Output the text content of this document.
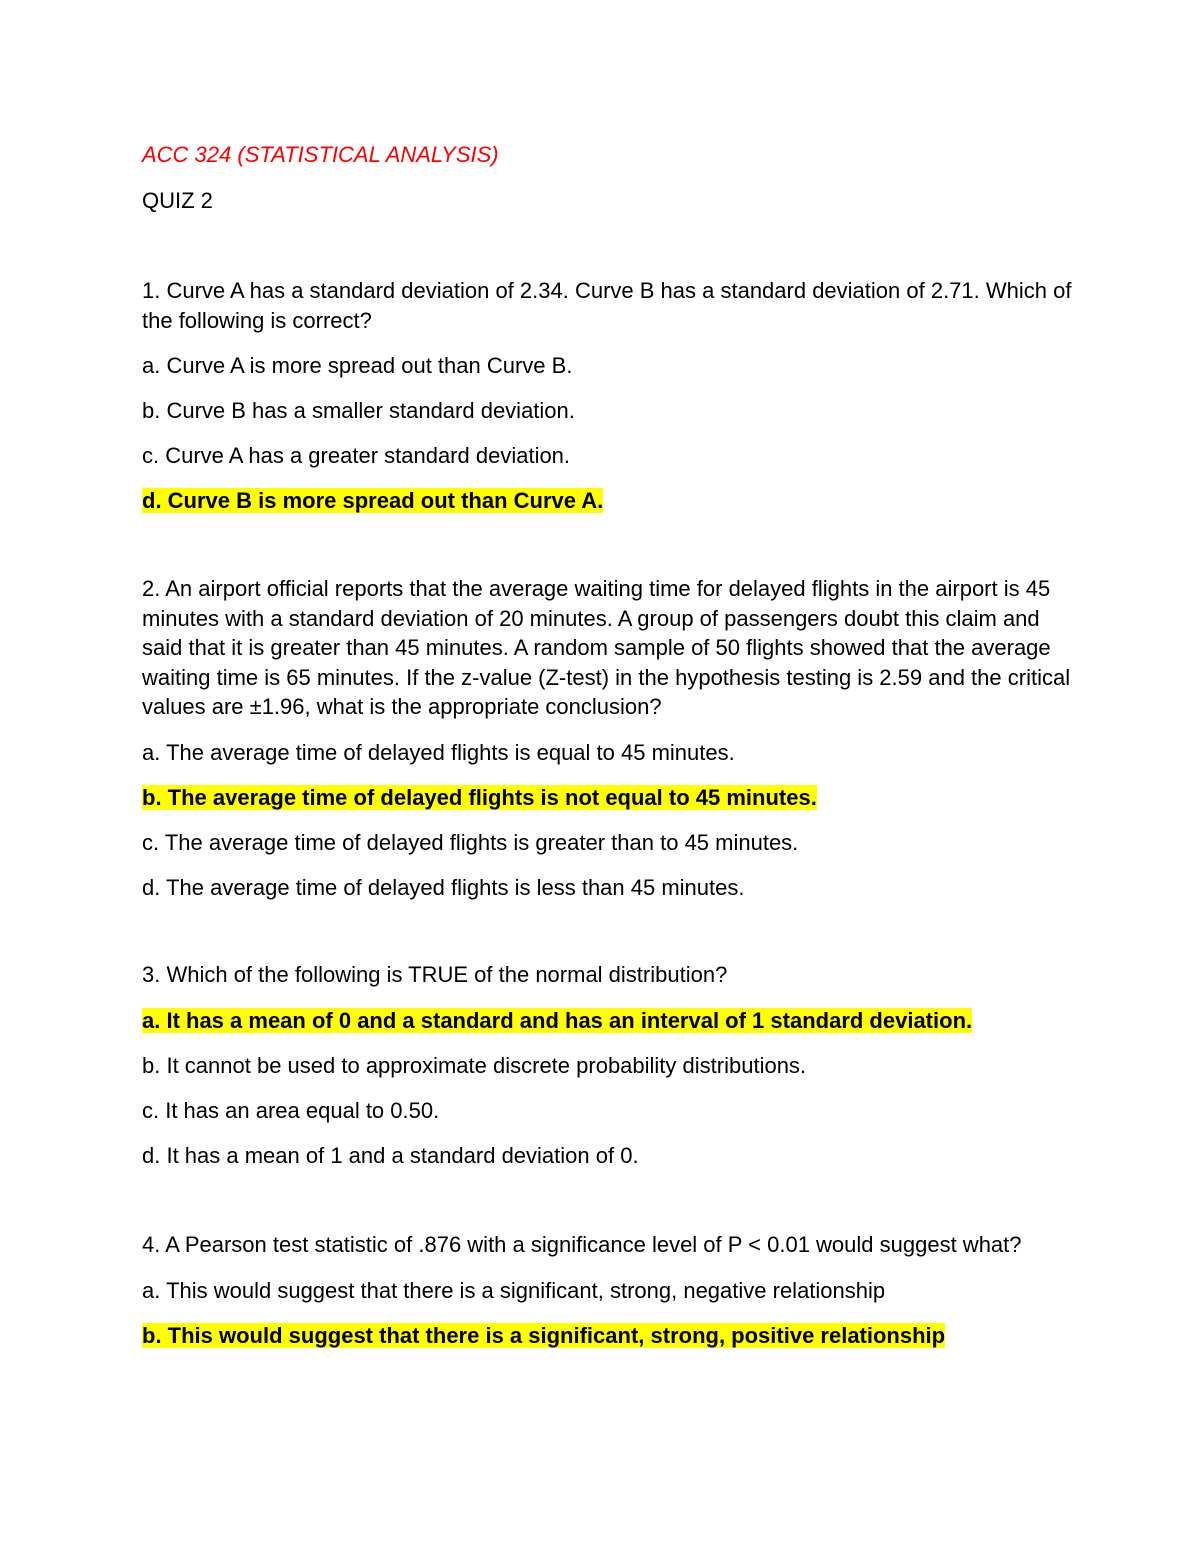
ACC 324 (STATISTICAL ANALYSIS)
QUIZ 2

1. Curve A has a standard deviation of 2.34. Curve B has a standard deviation of 2.71. Which of the following is correct?

a. Curve A is more spread out than Curve B.

b. Curve B has a smaller standard deviation.

c. Curve A has a greater standard deviation.

d. Curve B is more spread out than Curve A.

2. An airport official reports that the average waiting time for delayed flights in the airport is 45 minutes with a standard deviation of 20 minutes. A group of passengers doubt this claim and said that it is greater than 45 minutes. A random sample of 50 flights showed that the average waiting time is 65 minutes. If the z-value (Z-test) in the hypothesis testing is 2.59 and the critical values are ±1.96, what is the appropriate conclusion?

a. The average time of delayed flights is equal to 45 minutes.

b. The average time of delayed flights is not equal to 45 minutes.

c. The average time of delayed flights is greater than to 45 minutes.

d. The average time of delayed flights is less than 45 minutes.

3. Which of the following is TRUE of the normal distribution?

a. It has a mean of 0 and a standard and has an interval of 1 standard deviation.

b. It cannot be used to approximate discrete probability distributions.

c. It has an area equal to 0.50.

d. It has a mean of 1 and a standard deviation of 0.

4. A Pearson test statistic of .876 with a significance level of P < 0.01 would suggest what?

a. This would suggest that there is a significant, strong, negative relationship

b. This would suggest that there is a significant, strong, positive relationship
